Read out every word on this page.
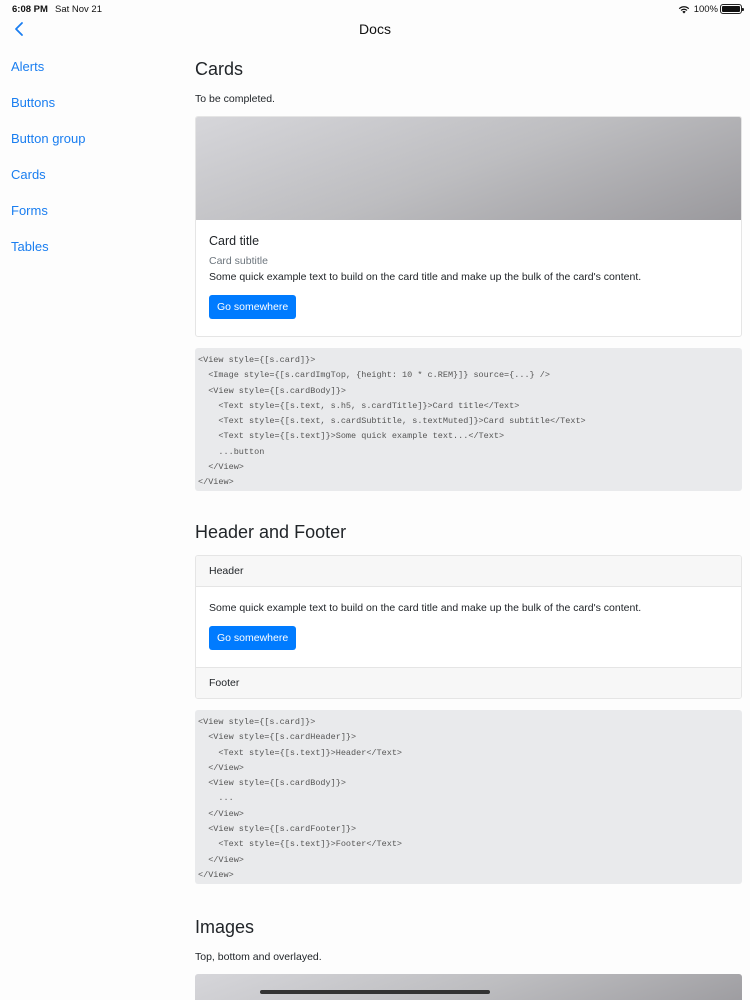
6:08 PM Sat Nov 21	100%
Docs
Alerts
Buttons
Button group
Cards
Forms
Tables
Cards

To be completed.

Card title
Card subtitle
Some quick example text to build on the card title and make up the bulk of the card's content.
Go somewhere
<View style={[s.card]}>
<Image style={[s.cardImgTop, {height: 10 * c.REM}]} source={...} />
<View style={[s.cardBody]}>
<Text style={[s.text, s.h5, s.cardTitle]}>Card title</Text>
<Text style={[s.text, s.cardSubtitle, s.textMuted]}>Card subtitle</Text>
<Text style={[s.text]}>Some quick example text...</Text>
...button
</View>
</View>
Header and Footer
Header
Some quick example text to build on the card title and make up the bulk of the card's content.
Go somewhere
Footer
<View style={[s.card]}>
<View style={[s.cardHeader]}>
<Text style={[s.text]}>Header</Text>
</View>
<View style={[s.cardBody]}>
...
</View>
<View style={[s.cardFooter]}>
<Text style={[s.text]}>Footer</Text>
</View>
</View>
Images

Top, bottom and overlayed.
